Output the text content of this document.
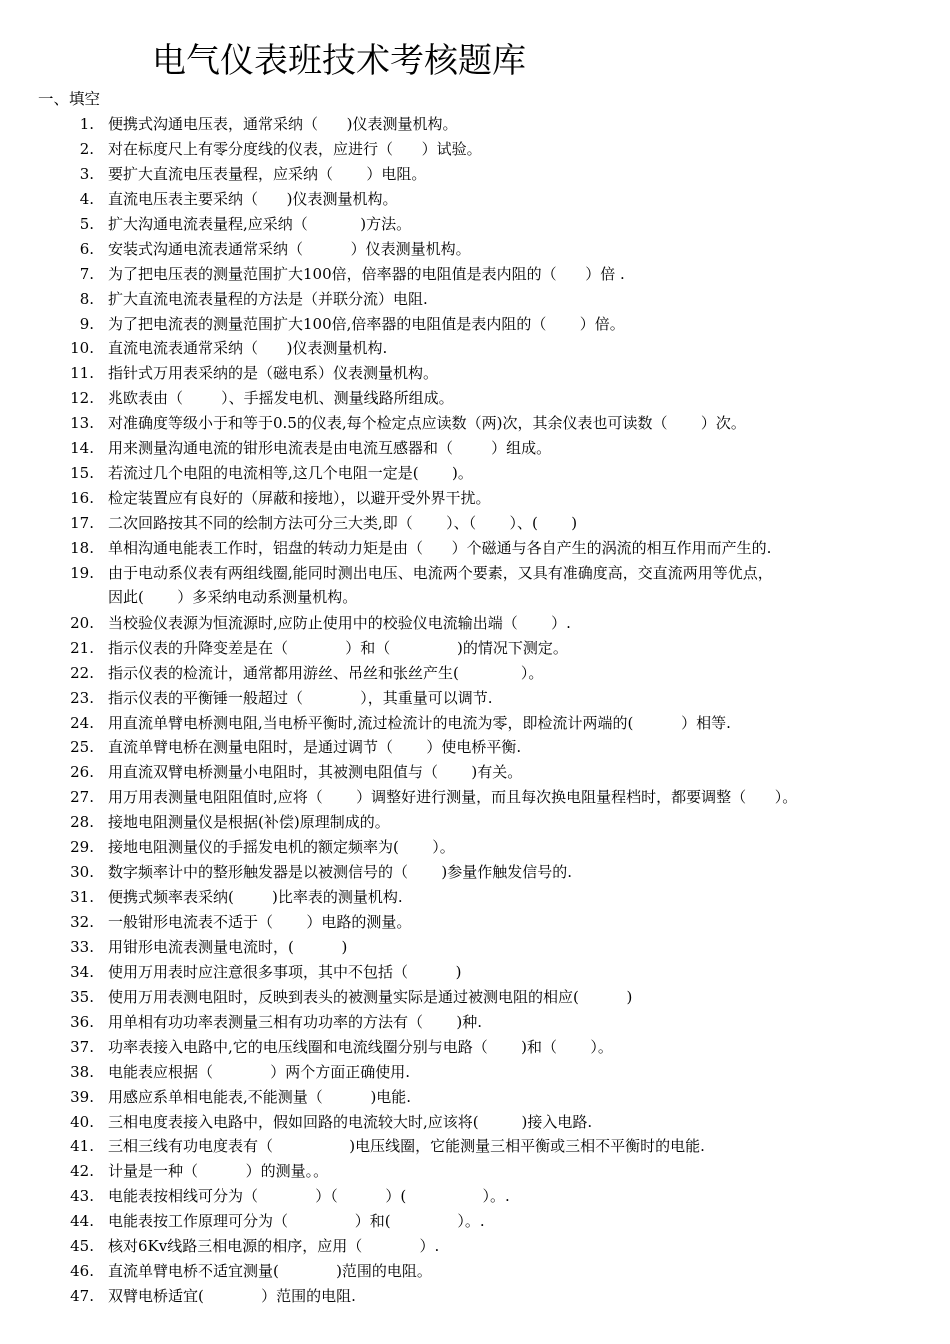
电气仪表班技术考核题库
一、填空
1. 便携式沟通电压表，通常采纳（      )仪表测量机构。
2. 对在标度尺上有零分度线的仪表，应进行（      ）试验。
3. 要扩大直流电压表量程，应采纳（       ）电阻。
4. 直流电压表主要采纳（      )仪表测量机构。
5. 扩大沟通电流表量程,应采纳（           )方法。
6. 安装式沟通电流表通常采纳（          ）仪表测量机构。
7. 为了把电压表的测量范围扩大100倍，倍率器的电阻值是表内阻的（      ）倍 .
8. 扩大直流电流表量程的方法是（并联分流）电阻.
9. 为了把电流表的测量范围扩大100倍,倍率器的电阻值是表内阻的（       ）倍。
10. 直流电流表通常采纳（      )仪表测量机构.
11. 指针式万用表采纳的是（磁电系）仪表测量机构。
12. 兆欧表由（        ）、手摇发电机、测量线路所组成。
13. 对准确度等级小于和等于0.5的仪表,每个检定点应读数（两)次，其余仪表也可读数（       ）次。
14. 用来测量沟通电流的钳形电流表是由电流互感器和（        ）组成。
15. 若流过几个电阻的电流相等,这几个电阻一定是(       )。
16. 检定装置应有良好的（屏蔽和接地），以避开受外界干扰。
17. 二次回路按其不同的绘制方法可分三大类,即（       ）、（       ）、(       )
18. 单相沟通电能表工作时，铝盘的转动力矩是由（      ）个磁通与各自产生的涡流的相互作用而产生的.
19. 由于电动系仪表有两组线圈,能同时测出电压、电流两个要素，又具有准确度高，交直流两用等优点，
因此(       ）多采纳电动系测量机构。
20. 当校验仪表源为恒流源时,应防止使用中的校验仪电流输出端（       ）.
21. 指示仪表的升降变差是在（            ）和（              )的情况下测定。
22. 指示仪表的检流计，通常都用游丝、吊丝和张丝产生(             ）。
23. 指示仪表的平衡锤一般超过（            ），其重量可以调节.
24. 用直流单臂电桥测电阻,当电桥平衡时,流过检流计的电流为零，即检流计两端的(          ）相等.
25. 直流单臂电桥在测量电阻时，是通过调节（       ）使电桥平衡.
26. 用直流双臂电桥测量小电阻时，其被测电阻值与（       )有关。
27. 用万用表测量电阻阻值时,应将（       ）调整好进行测量，而且每次换电阻量程档时，都要调整（      ）。
28. 接地电阻测量仪是根据(补偿)原理制成的。
29. 接地电阻测量仪的手摇发电机的额定频率为(       ）。
30. 数字频率计中的整形触发器是以被测信号的（       )参量作触发信号的.
31. 便携式频率表采纳(        )比率表的测量机构.
32. 一般钳形电流表不适于（       ）电路的测量。
33. 用钳形电流表测量电流时，(          )
34. 使用万用表时应注意很多事项，其中不包括（          )
35. 使用万用表测电阻时，反映到表头的被测量实际是通过被测电阻的相应(          )
36. 用单相有功功率表测量三相有功功率的方法有（       )种.
37. 功率表接入电路中,它的电压线圈和电流线圈分别与电路（       )和（       ）。
38. 电能表应根据（            ）两个方面正确使用.
39. 用感应系单相电能表,不能测量（          )电能.
40. 三相电度表接入电路中，假如回路的电流较大时,应该将(         )接入电路.
41. 三相三线有功电度表有（                )电压线圈，它能测量三相平衡或三相不平衡时的电能.
42. 计量是一种（          ）的测量。。
43. 电能表按相线可分为（            ）（          ）(                ）。.
44. 电能表按工作原理可分为（              ）和(              ）。.
45. 核对6Kv线路三相电源的相序，应用（            ）.
46. 直流单臂电桥不适宜测量(            )范围的电阻。
47. 双臂电桥适宜(            ）范围的电阻.
